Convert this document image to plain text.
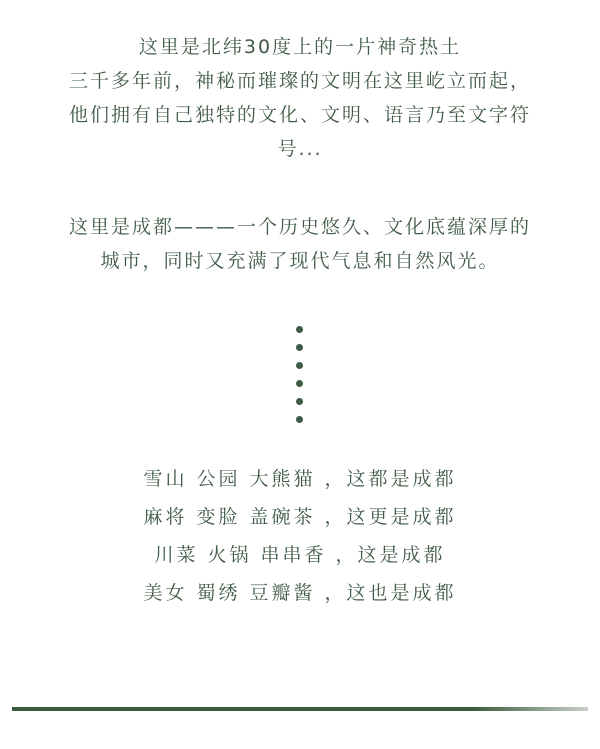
这里是北纬30度上的一片神奇热土
三千多年前，神秘而璀璨的文明在这里屹立而起，
他们拥有自己独特的文化、文明、语言乃至文字符
号...
这里是成都———一个历史悠久、文化底蕴深厚的
城市，同时又充满了现代气息和自然风光。
雪山 公园 大熊猫 ，这都是成都
麻将 变脸 盖碗茶 ，这更是成都
川菜 火锅 串串香 ，这是成都
美女 蜀绣 豆瓣酱 ，这也是成都
